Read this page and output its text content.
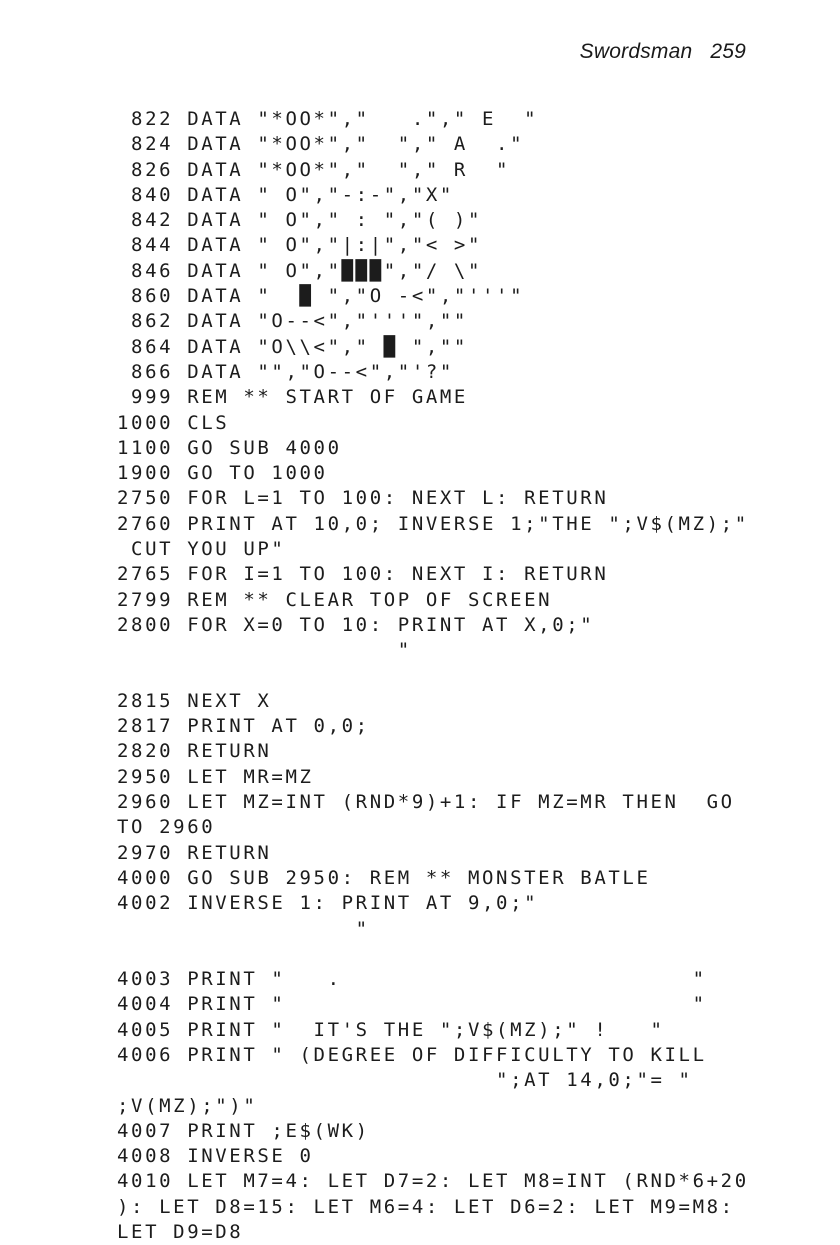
Swordsman 259
822 DATA "*OO*","   ."," E  "
824 DATA "*OO*","  "," A  ."
826 DATA "*OO*","  "," R  "
840 DATA " O","-:-","X"
842 DATA " O"," : ","( )"
844 DATA " O","|:|","< >"
846 DATA " O","███","/ \"
860 DATA "  █ ","O -<","'''"
862 DATA "O--<","'''",""
864 DATA "O\\<"," █ ",""
866 DATA "","O--<","'?"
999 REM ** START OF GAME
1000 CLS
1100 GO SUB 4000
1900 GO TO 1000
2750 FOR L=1 TO 100: NEXT L: RETURN
2760 PRINT AT 10,0; INVERSE 1;"THE ";V$(MZ);"
CUT YOU UP"
2765 FOR I=1 TO 100: NEXT I: RETURN
2799 REM ** CLEAR TOP OF SCREEN
2800 FOR X=0 TO 10: PRINT AT X,0;"
"
2815 NEXT X
2817 PRINT AT 0,0;
2820 RETURN
2950 LET MR=MZ
2960 LET MZ=INT (RND*9)+1: IF MZ=MR THEN  GO
TO 2960
2970 RETURN
4000 GO SUB 2950: REM ** MONSTER BATLE
4002 INVERSE 1: PRINT AT 9,0;"
"
4003 PRINT "   .                         "
4004 PRINT "                             "
4005 PRINT "  IT'S THE ";V$(MZ);" !   "
4006 PRINT " (DEGREE OF DIFFICULTY TO KILL
";AT 14,0;"= "
;V(MZ);")"
4007 PRINT ;E$(WK)
4008 INVERSE 0
4010 LET M7=4: LET D7=2: LET M8=INT (RND*6+20
): LET D8=15: LET M6=4: LET D6=2: LET M9=M8:
LET D9=D8
